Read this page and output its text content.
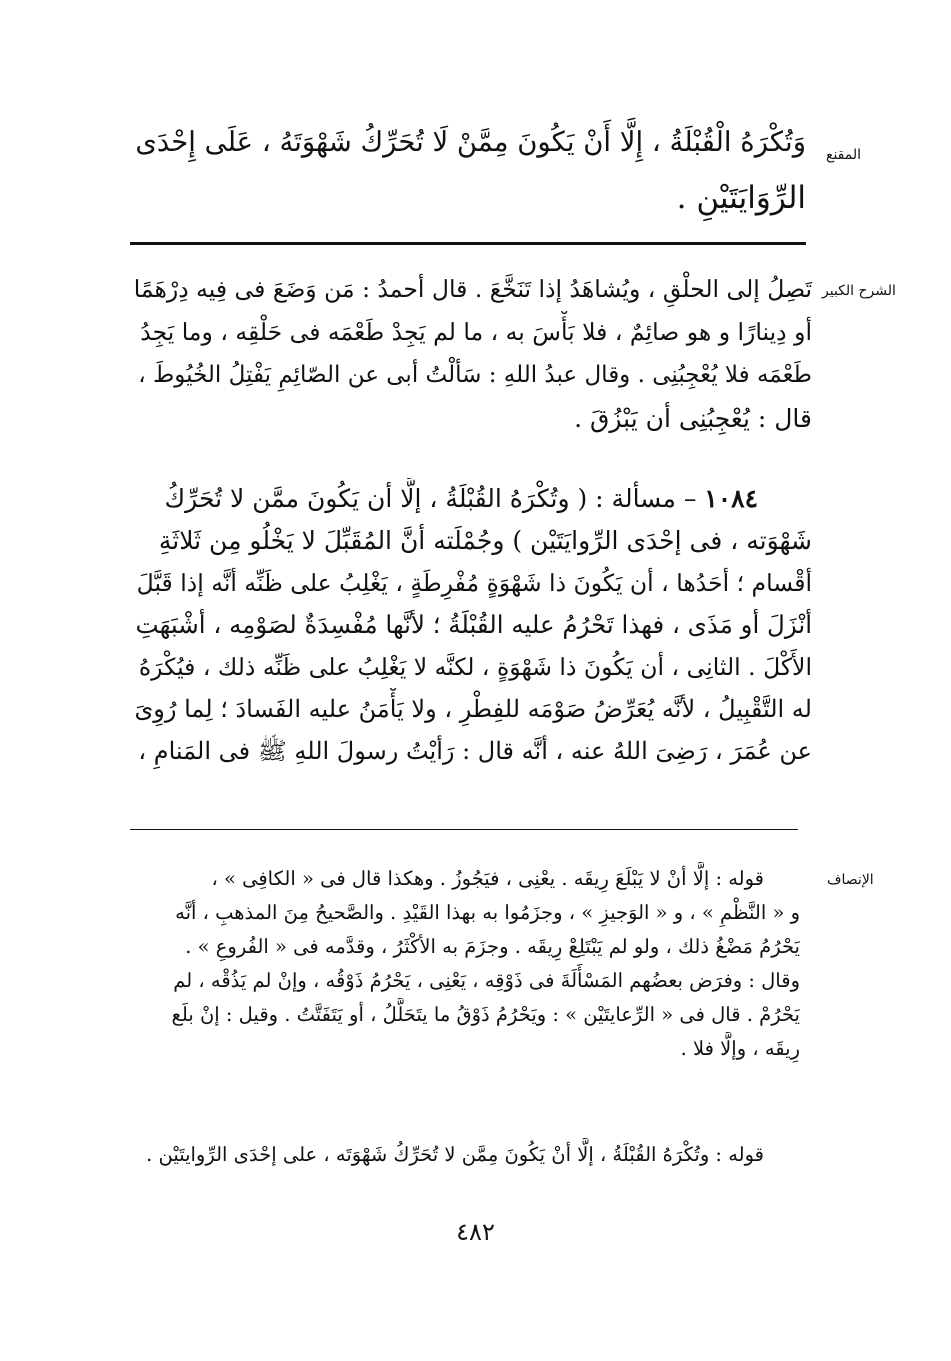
المقنع
وَتُكْرَهُ الْقُبْلَةُ ، إِلَّا أَنْ يَكُونَ مِمَّنْ لَا تُحَرِّكُ شَهْوَتَهُ ، عَلَى إِحْدَى
الرِّوَايَتَيْنِ .
الشرح الكبير
تَصِلُ إلى الحلْقِ ، ويُشاهَدُ إذا تَنَخَّعَ . قال أحمدُ : مَن وَضَعَ فى فِيه دِرْهَمًا
أو دِينارًا و هو صائِمٌ ، فلا بَأْسَ به ، ما لم يَجِدْ طَعْمَه فى حَلْقِه ، وما يَجِدُ
طَعْمَه فلا يُعْجِبُنِى . وقال عبدُ اللهِ : سَألْتُ أبى عن الصّائِمِ يَفْتِلُ الخُيُوطَ ،
قال : يُعْجِبُنِى أن يَبْزُقَ .
١٠٨٤ – مسألة : ( وتُكْرَهُ القُبْلَةُ ، إلَّا أن يَكُونَ ممَّن لا تُحَرِّكُ
شَهْوَته ، فى إحْدَى الرِّوايَتَيْن ) وجُمْلَته أنَّ المُقَبِّلَ لا يَخْلُو مِن ثَلاثَةِ
أقْسام ؛ أحَدُها ، أن يَكُونَ ذا شَهْوَةٍ مُفْرِطَةٍ ، يَغْلِبُ على ظَنِّه أنَّه إذا قَبَّلَ
أنْزَلَ أو مَذَى ، فهذا تَحْرُمُ عليه القُبْلَةُ ؛ لأنَّها مُفْسِدَةٌ لصَوْمِه ، أشْبَهَتِ
الأَكْلَ . الثانِى ، أن يَكُونَ ذا شَهْوَةٍ ، لكنَّه لا يَغْلِبُ على ظَنِّه ذلك ، فيُكْرَهُ
له التَّقْبِيلُ ، لأنَّه يُعَرِّضُ صَوْمَه للفِطْرِ ، ولا يَأْمَنُ عليه الفَسادَ ؛ لِما رُوِىَ
عن عُمَرَ ، رَضِىَ اللهُ عنه ، أنَّه قال : رَأيْتُ رسولَ اللهِ ﷺ فى المَنامِ ،
الإنصاف
قوله : إلَّا أنْ لا يَبْلَعَ رِيقَه . يعْنِى ، فيَجُوزُ . وهكذا قال فى « الكافِى » ،
و « النَّظْمِ » ، و « الوَجيزِ » ، وجزَمُوا به بهذا القَيْدِ . والصَّحيحُ مِنَ المذهبِ ، أنَّه
يَحْرُمُ مَضْغُ ذلك ، ولو لم يَبْتَلِعْ رِيقَه . وجزَمَ به الأكْثَرُ ، وقدَّمه فى « الفُروعِ » .
وقال : وفرَض بعضُهم المَسْأَلَةَ فى ذَوْقِه ، يَعْنِى ، يَحْرُمُ ذَوْقُه ، وإنْ لم يَذُقْه ، لم
يَحْرُمْ . قال فى « الرِّعايتَيْن » : ويَحْرُمُ ذَوْقُ ما يتَحَلَّلُ ، أو يَتَفَتَّتُ . وقيل : إنْ بلَع
رِيقَه ، وإلَّا فلا .
قوله : وتُكْرَهُ القُبْلَةُ ، إلَّا أنْ يَكُونَ مِمَّن لا تُحَرِّكُ شَهْوَتَه ، على إحْدَى الرِّوايتَيْن .
٤٨٢
